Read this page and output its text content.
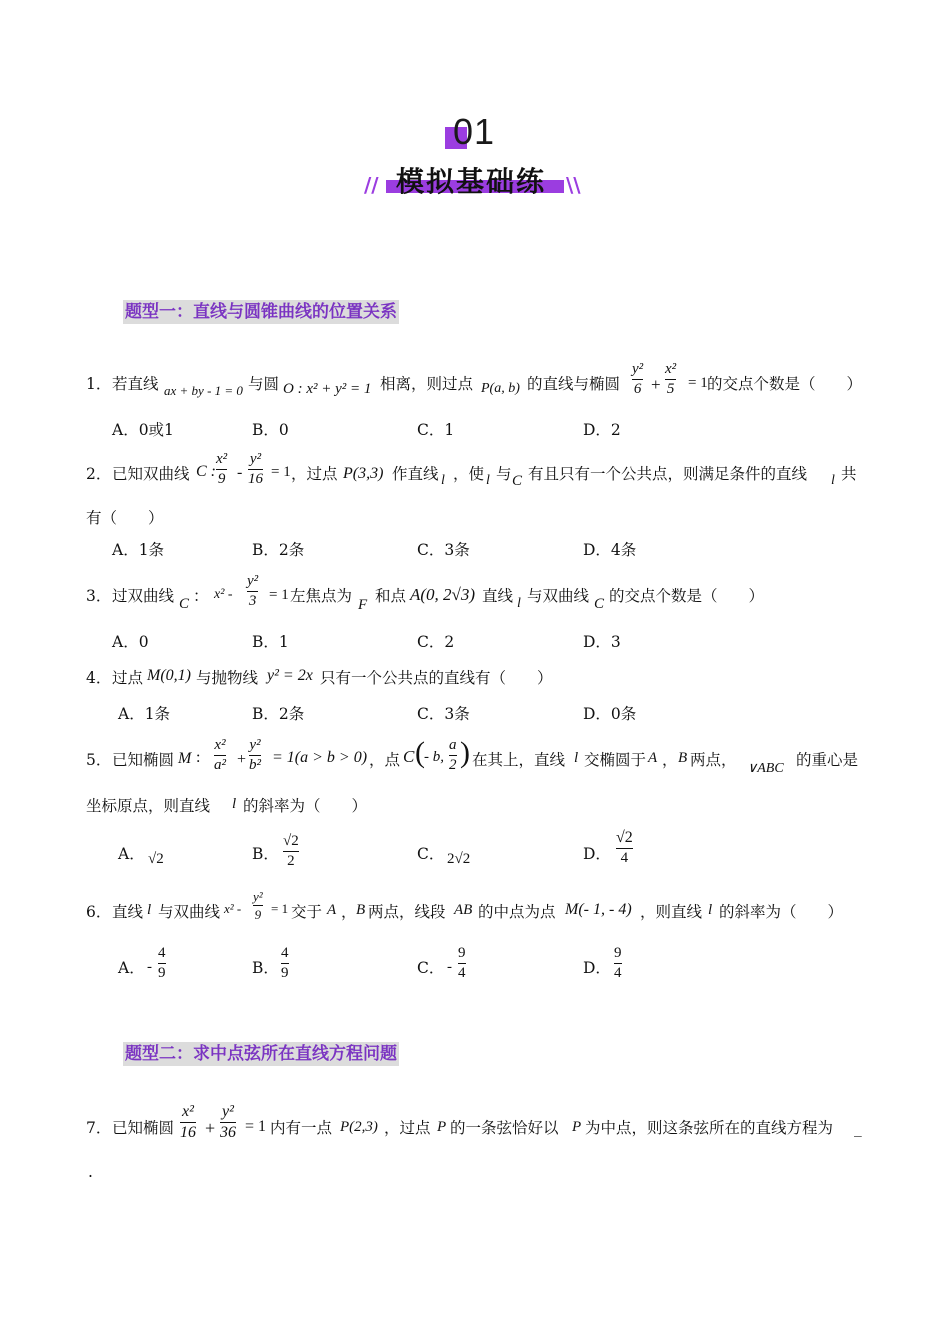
01
//	\\
模拟基础练
题型一：直线与圆锥曲线的位置关系
1． 若直线 ax + by - 1 = 0 与圆 O : x² + y² = 1 相离，则过点 P(a, b) 的直线与椭圆
y²
6 +
x²
5 = 1 的交点个数是（　　）
A．0或1	B．0	C．1	D．2
2． 已知双曲线 C :
x²
9 -
y²
16 = 1 ，过点 P(3,3) 作直线 l ，使 l 与 C 有且只有一个公共点，则满足条件的直线 l 共
有（　　）
A．1条	B．2条	C．3条	D．4条
3． 过双曲线 C ： x² -
y²
3 = 1 左焦点为 F 和点 A(0, 2√3) 直线 l 与双曲线 C 的交点个数是（　　）
A．0	B．1	C．2	D．3
4． 过点 M(0,1) 与抛物线 y² = 2x 只有一个公共点的直线有（　　）
A．1条	B．2条	C．3条	D．0条
5． 已知椭圆 M :
x²
a² +
y²
b² = 1(a > b > 0) ，点 C ( - b,
a
2 ) 在其上，直线 l 交椭圆于 A ， B 两点， ∨ABC 的重心是
坐标原点，则直线 l 的斜率为（　　）
A． √2	B．
√2
2	C． 2√2	D．
√2
4
6． 直线 l 与双曲线 x² -
y²
9 = 1 交于 A ， B 两点，线段 AB 的中点为点 M(- 1, - 4) ，则直线 l 的斜率为（　　）
A． -
4
9	B．
4
9	C． -
9
4	D．
9
4
题型二：求中点弦所在直线方程问题
7． 已知椭圆
x²
16 +
y²
36 = 1 内有一点 P(2,3) ，过点 P 的一条弦恰好以 P 为中点，则这条弦所在的直线方程为 _
.
